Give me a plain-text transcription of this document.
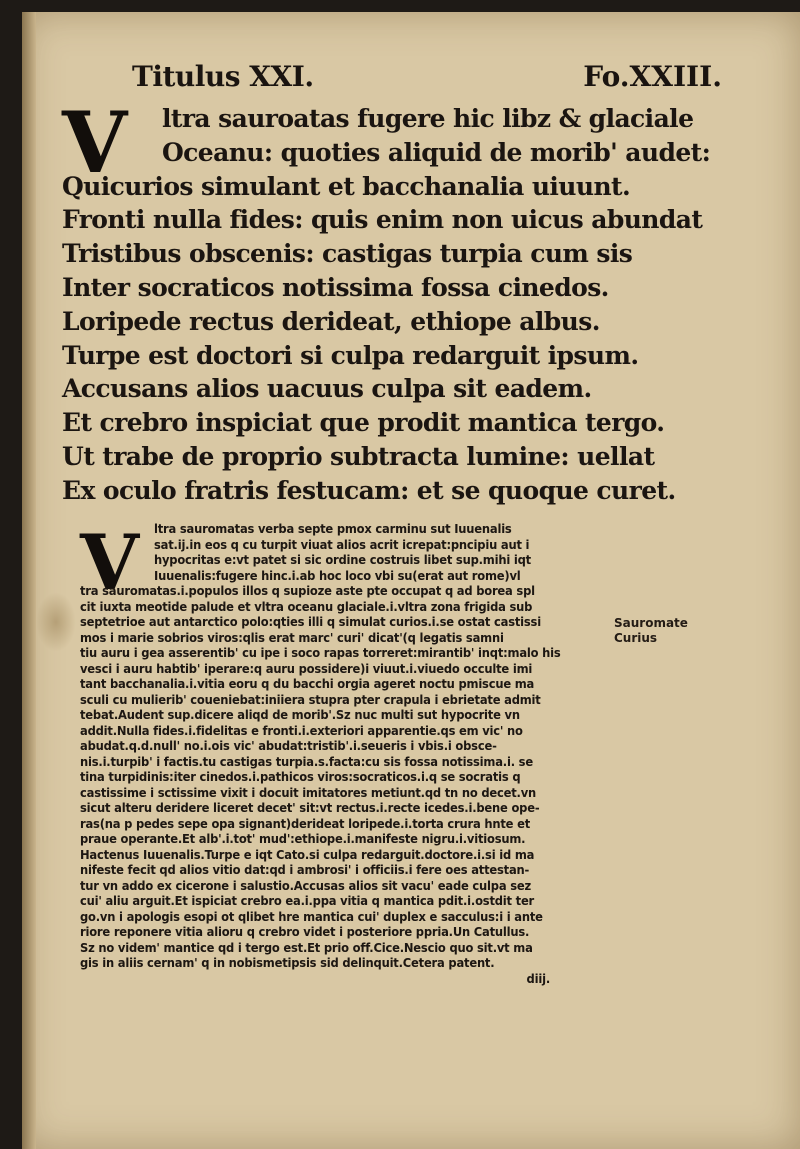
Titulus XXI.	Fo.XXIII.
V	ltra sauroatas fugere hic libz & glaciale
Oceanu: quoties aliquid de morib' audet:
Quicurios simulant et bacchanalia uiuunt.
Fronti nulla fides: quis enim non uicus abundat
Tristibus obscenis: castigas turpia cum sis
Inter socraticos notissima fossa cinedos.
Loripede rectus derideat, ethiope albus.
Turpe est doctori si culpa redarguit ipsum.
Accusans alios uacuus culpa sit eadem.
Et crebro inspiciat que prodit mantica tergo.
Ut trabe de proprio subtracta lumine: uellat
Ex oculo fratris festucam: et se quoque curet.
V	ltra sauromatas verba septe pmox carminu sut Iuuenalis
sat.ij.in eos q cu turpit viuat alios acrit icrepat:pncipiu aut i
hypocritas e:vt patet si sic ordine costruis libet sup.mihi iqt
Iuuenalis:fugere hinc.i.ab hoc loco vbi su(erat aut rome)vl
tra sauromatas.i.populos illos q supioze aste pte occupat q ad borea spl
cit iuxta meotide palude et vltra oceanu glaciale.i.vltra zona frigida sub
septetrioe aut antarctico polo:qties illi q simulat curios.i.se ostat castissi
mos i marie sobrios viros:qlis erat marc' curi' dicat'(q legatis samni
tiu auru i gea asserentib' cu ipe i soco rapas torreret:mirantib' inqt:malo his
vesci i auru habtib' iperare:q auru possidere)i viuut.i.viuedo occulte imi
tant bacchanalia.i.vitia eoru q du bacchi orgia ageret noctu pmiscue ma
sculi cu mulierib' coueniebat:iniiera stupra pter crapula i ebrietate admit
tebat.Audent sup.dicere aliqd de morib'.Sz nuc multi sut hypocrite vn
addit.Nulla fides.i.fidelitas e fronti.i.exteriori apparentie.qs em vic' no
abudat.q.d.null' no.i.ois vic' abudat:tristib'.i.seueris i vbis.i obsce-
nis.i.turpib' i factis.tu castigas turpia.s.facta:cu sis fossa notissima.i. se
tina turpidinis:iter cinedos.i.pathicos viros:socraticos.i.q se socratis q
castissime i sctissime vixit i docuit imitatores metiunt.qd tn no decet.vn
sicut alteru deridere liceret decet' sit:vt rectus.i.recte icedes.i.bene ope-
ras(na p pedes sepe opa signant)derideat loripede.i.torta crura hnte et
praue operante.Et alb'.i.tot' mud':ethiope.i.manifeste nigru.i.vitiosum.
Hactenus Iuuenalis.Turpe e iqt Cato.si culpa redarguit.doctore.i.si id ma
nifeste fecit qd alios vitio dat:qd i ambrosi' i officiis.i fere oes attestan-
tur vn addo ex cicerone i salustio.Accusas alios sit vacu' eade culpa sez
cui' aliu arguit.Et ispiciat crebro ea.i.ppa vitia q mantica pdit.i.ostdit ter
go.vn i apologis esopi ot qlibet hre mantica cui' duplex e sacculus:i i ante
riore reponere vitia alioru q crebro videt i posteriore ppria.Un Catullus.
Sz no videm' mantice qd i tergo est.Et prio off.Cice.Nescio quo sit.vt ma
gis in aliis cernam' q in nobismetipsis sid delinquit.Cetera patent.
diij.
Sauromate
Curius
